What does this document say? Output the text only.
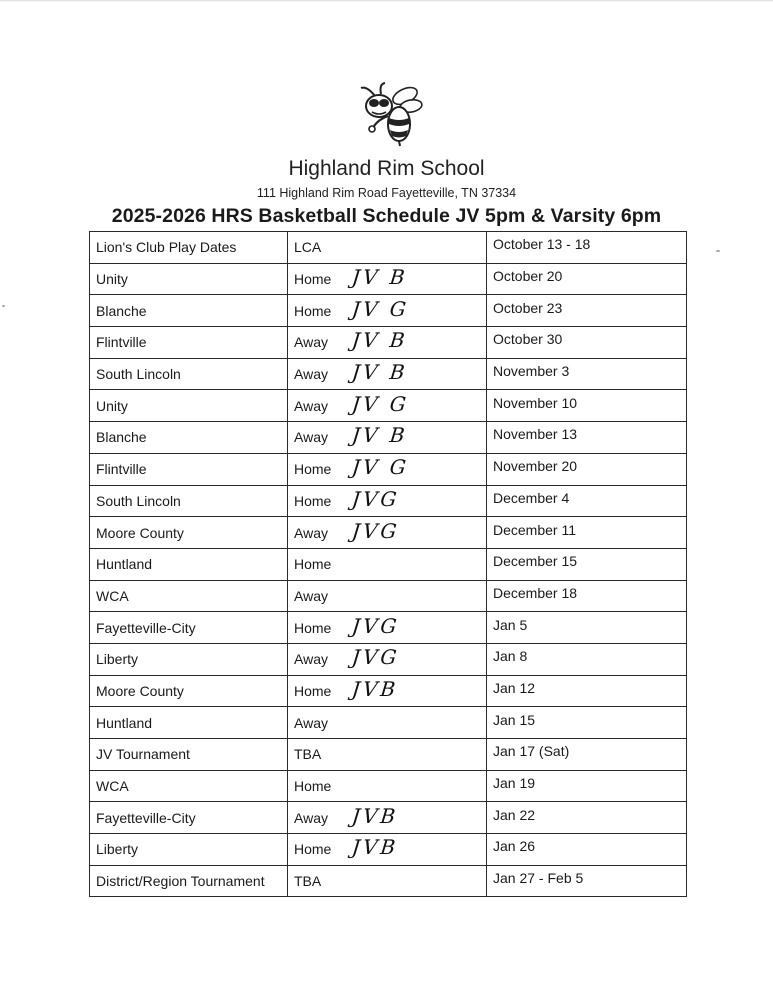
Highland Rim School
111 Highland Rim Road Fayetteville, TN 37334
2025-2026 HRS Basketball Schedule JV 5pm & Varsity 6pm
Lion's Club Play Dates	LCA	October 13 - 18
Unity	Home JV B	October 20
Blanche	Home JV G	October 23
Flintville	Away JV B	October 30
South Lincoln	Away JV B	November 3
Unity	Away JV G	November 10
Blanche	Away JV B	November 13
Flintville	Home JV G	November 20
South Lincoln	Home JVG	December 4
Moore County	Away JVG	December 11
Huntland	Home	December 15
WCA	Away	December 18
Fayetteville-City	Home JVG	Jan 5
Liberty	Away JVG	Jan 8
Moore County	Home JVB	Jan 12
Huntland	Away	Jan 15
JV Tournament	TBA	Jan 17 (Sat)
WCA	Home	Jan 19
Fayetteville-City	Away JVB	Jan 22
Liberty	Home JVB	Jan 26
District/Region Tournament	TBA	Jan 27 - Feb 5
